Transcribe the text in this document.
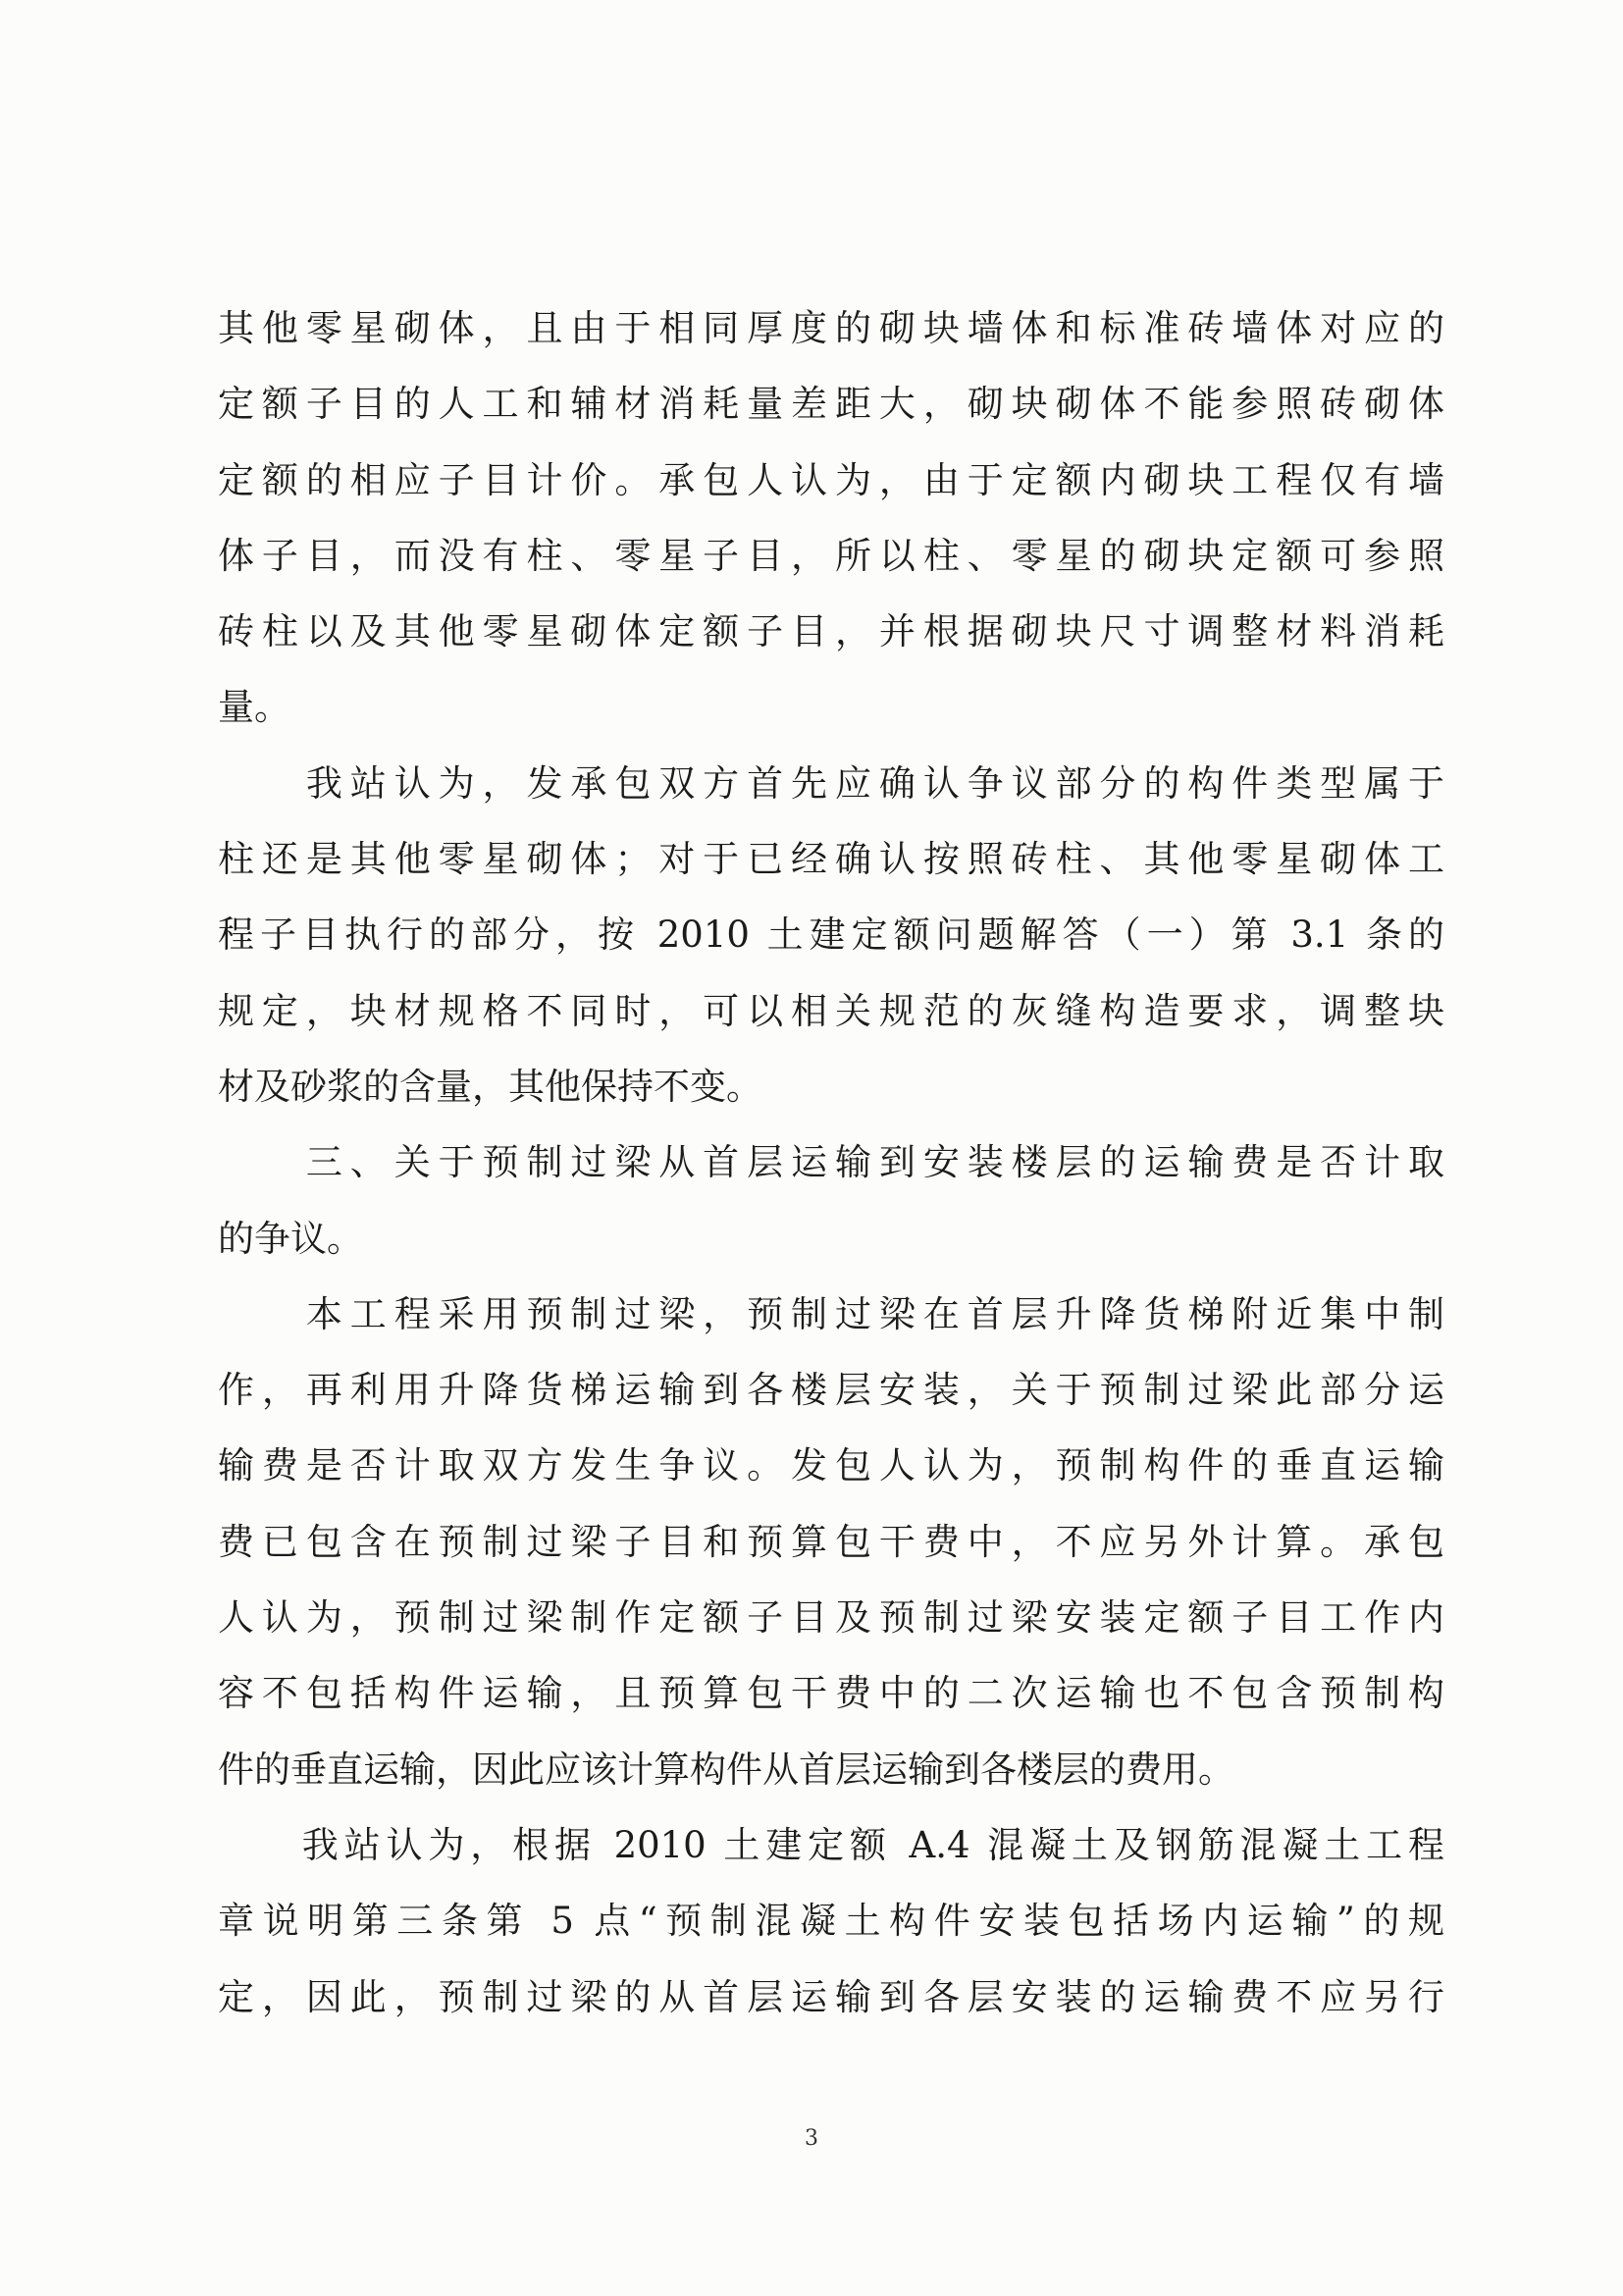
其他零星砌体，且由于相同厚度的砌块墙体和标准砖墙体对应的
定额子目的人工和辅材消耗量差距大，砌块砌体不能参照砖砌体
定额的相应子目计价。承包人认为，由于定额内砌块工程仅有墙
体子目，而没有柱、零星子目，所以柱、零星的砌块定额可参照
砖柱以及其他零星砌体定额子目，并根据砌块尺寸调整材料消耗
量。
　　我站认为，发承包双方首先应确认争议部分的构件类型属于
柱还是其他零星砌体；对于已经确认按照砖柱、其他零星砌体工
程子目执行的部分，按 2010 土建定额问题解答（一）第 3.1 条的
规定，块材规格不同时，可以相关规范的灰缝构造要求，调整块
材及砂浆的含量，其他保持不变。
　　三、关于预制过梁从首层运输到安装楼层的运输费是否计取
的争议。
　　本工程采用预制过梁，预制过梁在首层升降货梯附近集中制
作，再利用升降货梯运输到各楼层安装，关于预制过梁此部分运
输费是否计取双方发生争议。发包人认为，预制构件的垂直运输
费已包含在预制过梁子目和预算包干费中，不应另外计算。承包
人认为，预制过梁制作定额子目及预制过梁安装定额子目工作内
容不包括构件运输，且预算包干费中的二次运输也不包含预制构
件的垂直运输，因此应该计算构件从首层运输到各楼层的费用。
　　我站认为，根据 2010 土建定额 A.4 混凝土及钢筋混凝土工程
章说明第三条第 5 点“预制混凝土构件安装包括场内运输”的规
定，因此，预制过梁的从首层运输到各层安装的运输费不应另行
3
